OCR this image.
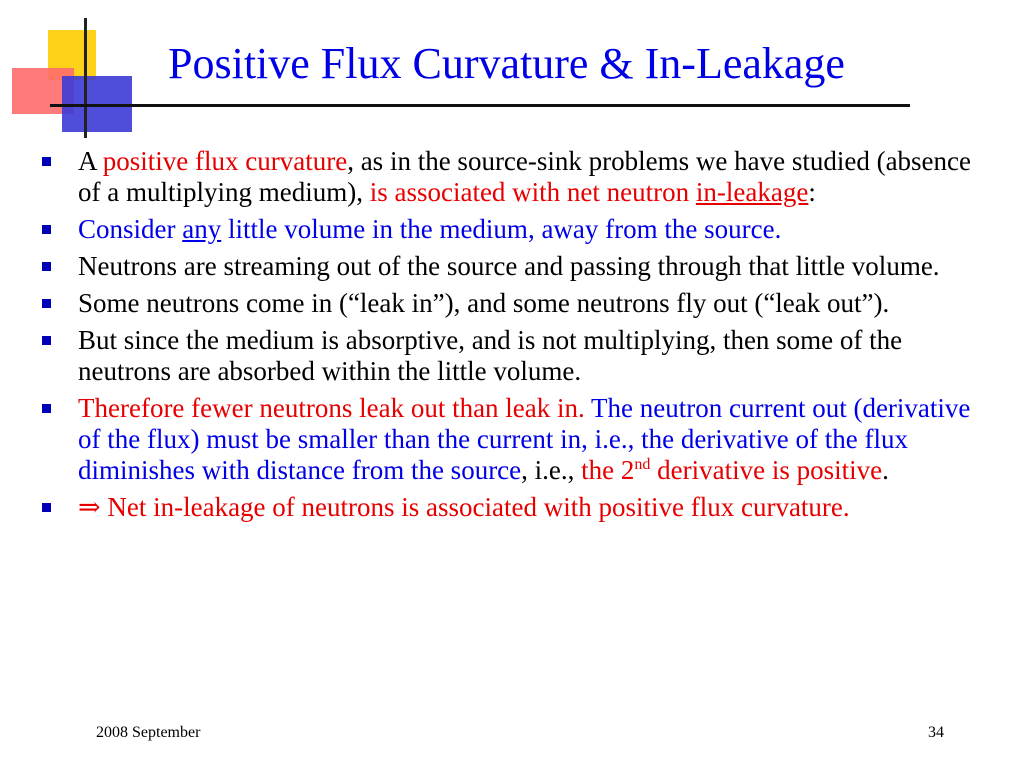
Positive Flux Curvature & In-Leakage
A positive flux curvature, as in the source-sink problems we have studied (absence of a multiplying medium), is associated with net neutron in-leakage:
Consider any little volume in the medium, away from the source.
Neutrons are streaming out of the source and passing through that little volume.
Some neutrons come in (“leak in”), and some neutrons fly out (“leak out”).
But since the medium is absorptive, and is not multiplying, then some of the neutrons are absorbed within the little volume.
Therefore fewer neutrons leak out than leak in. The neutron current out (derivative of the flux) must be smaller than the current in, i.e., the derivative of the flux diminishes with distance from the source, i.e., the 2nd derivative is positive.
⇒ Net in-leakage of neutrons is associated with positive flux curvature.
2008 September	34
